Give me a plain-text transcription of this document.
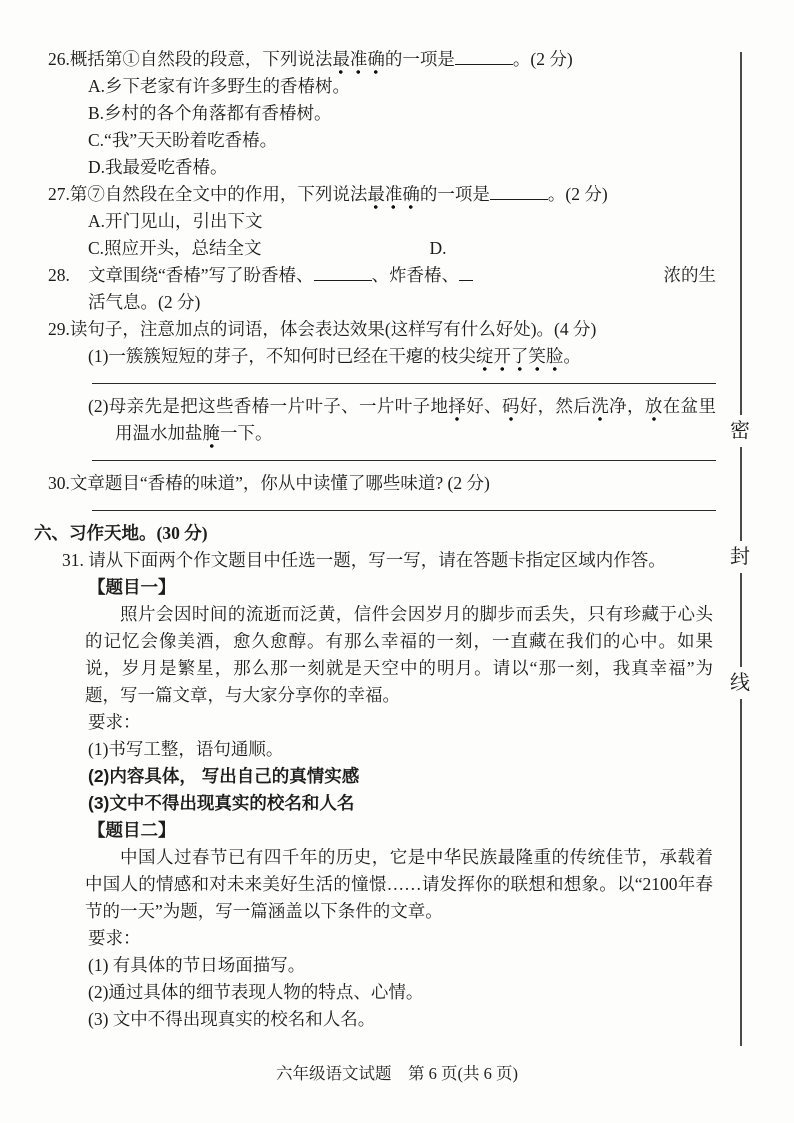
26.概括第①自然段的段意，下列说法最准确的一项是	。(2 分)
A.乡下老家有许多野生的香椿树。
B.乡村的各个角落都有香椿树。
C.“我”天天盼着吃香椿。
D.我最爱吃香椿。
27.第⑦自然段在全文中的作用，下列说法最准确的一项是	。(2 分)
A.开门见山，引出下文
C.照应开头，总结全文	D.
28.	文章围绕“香椿”写了盼香椿、	、炸香椿、	浓的生
活气息。(2 分)
29.读句子，注意加点的词语，体会表达效果(这样写有什么好处)。(4 分)
(1)一簇簇短短的芽子，不知何时已经在干瘪的枝尖绽开了笑脸。
(2)母亲先是把这些香椿一片叶子、一片叶子地择好、码好，然后洗净，放在盆里用温水加盐腌一下。
30.文章题目“香椿的味道”，你从中读懂了哪些味道? (2 分)
六、习作天地。(30 分)
31. 请从下面两个作文题目中任选一题，写一写，请在答题卡指定区域内作答。
【题目一】
照片会因时间的流逝而泛黄，信件会因岁月的脚步而丢失，只有珍藏于心头的记忆会像美酒，愈久愈醇。有那么幸福的一刻，一直藏在我们的心中。如果说，岁月是繁星，那么那一刻就是天空中的明月。请以“那一刻，我真幸福”为题，写一篇文章，与大家分享你的幸福。
要求：
(1)书写工整，语句通顺。
(2)内容具体， 写出自己的真情实感
(3)文中不得出现真实的校名和人名
【题目二】
中国人过春节已有四千年的历史，它是中华民族最隆重的传统佳节，承载着中国人的情感和对未来美好生活的憧憬……请发挥你的联想和想象。以“2100年春节的一天”为题，写一篇涵盖以下条件的文章。
要求：
(1) 有具体的节日场面描写。
(2)通过具体的细节表现人物的特点、心情。
(3) 文中不得出现真实的校名和人名。
密
封
线
六年级语文试题　第 6 页(共 6 页)
